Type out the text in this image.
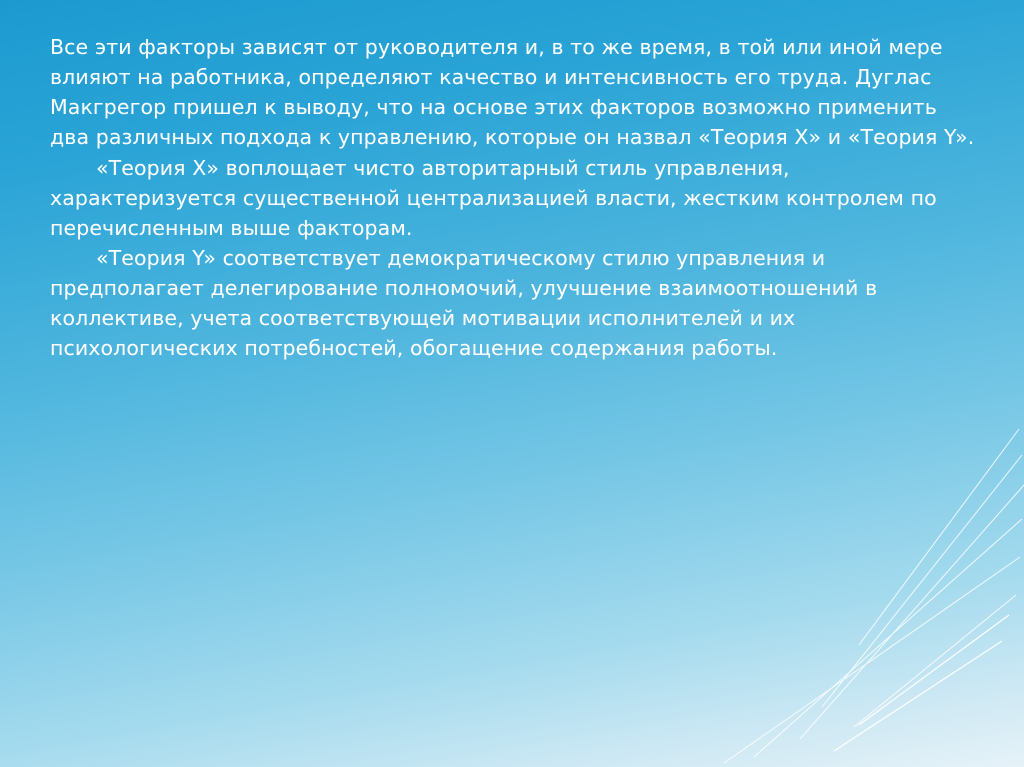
Все эти факторы зависят от руководителя и, в то же время, в той или иной мере влияют на работника, определяют качество и интенсивность его труда. Дуглас Макгрегор пришел к выводу, что на основе этих факторов возможно применить два различных подхода к управлению, которые он назвал «Теория X» и «Теория Y».

«Теория X» воплощает чисто авторитарный стиль управления, характеризуется существенной централизацией власти, жестким контролем по перечисленным выше факторам.

«Теория Y» соответствует демократическому стилю управления и предполагает делегирование полномочий, улучшение взаимоотношений в коллективе, учета соответствующей мотивации исполнителей и их психологических потребностей, обогащение содержания работы.
